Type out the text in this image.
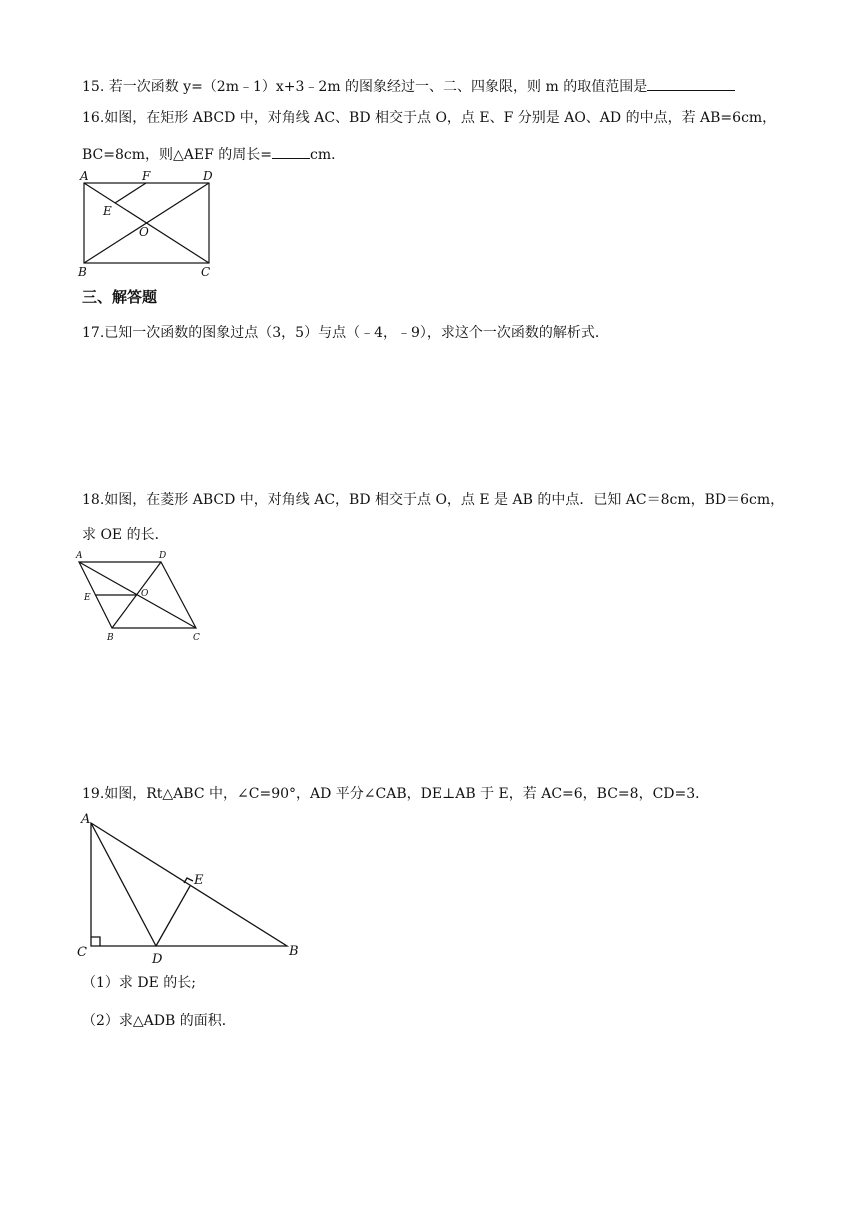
15. 若一次函数 y=（2m﹣1）x+3﹣2m 的图象经过一、二、四象限，则 m 的取值范围是
16.如图，在矩形 ABCD 中，对角线 AC、BD 相交于点 O，点 E、F 分别是 AO、AD 的中点，若 AB=6cm，
BC=8cm，则△AEF 的周长=	cm．
A	F	D
E
O
B	C
三、解答题
17.已知一次函数的图象过点（3，5）与点（﹣4，﹣9），求这个一次函数的解析式．
18.如图，在菱形 ABCD 中，对角线 AC，BD 相交于点 O，点 E 是 AB 的中点．已知 AC＝8cm，BD＝6cm，
求 OE 的长．
A	D
E	O
B	C
19.如图，Rt△ABC 中，∠C=90°，AD 平分∠CAB，DE⊥AB 于 E，若 AC=6，BC=8，CD=3．
A
E
C	D
B
（1）求 DE 的长;
（2）求△ADB 的面积．
